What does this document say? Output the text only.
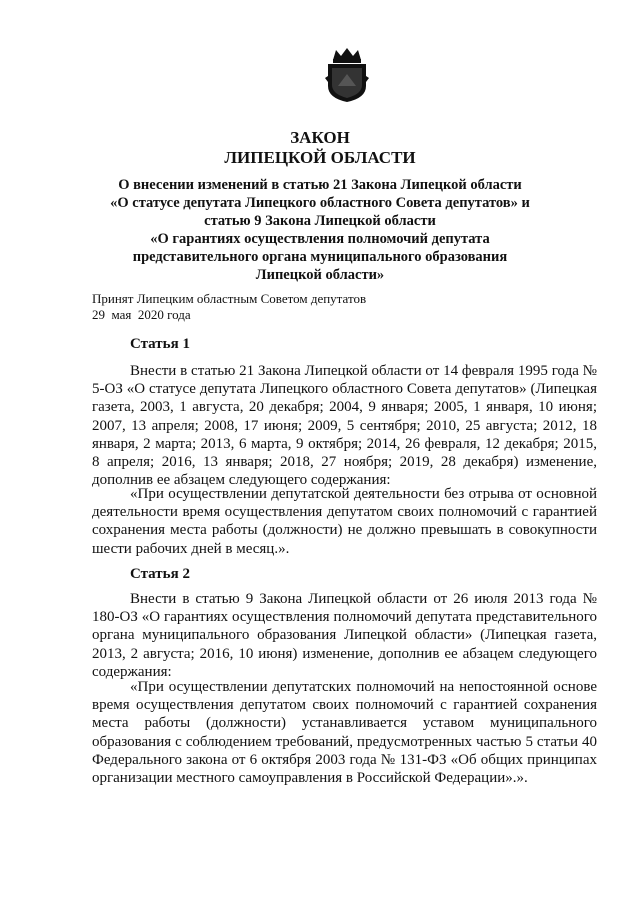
ЗАКОН
ЛИПЕЦКОЙ ОБЛАСТИ
О внесении изменений в статью 21 Закона Липецкой области
«О статусе депутата Липецкого областного Совета депутатов» и
статью 9 Закона Липецкой области
«О гарантиях осуществления полномочий депутата
представительного органа муниципального образования
Липецкой области»
Принят Липецким областным Советом депутатов
29  мая  2020 года
Статья 1

Внести в статью 21 Закона Липецкой области от 14 февраля 1995 года № 5-ОЗ «О статусе депутата Липецкого областного Совета депутатов» (Липецкая газета, 2003, 1 августа, 20 декабря; 2004, 9 января; 2005, 1 января, 10 июня; 2007, 13 апреля; 2008, 17 июня; 2009, 5 сентября; 2010, 25 августа; 2012, 18 января, 2 марта; 2013, 6 марта, 9 октября; 2014, 26 февраля, 12 декабря; 2015, 8 апреля; 2016, 13 января; 2018, 27 ноября; 2019, 28 декабря) изменение, дополнив ее абзацем следующего содержания:

«При осуществлении депутатской деятельности без отрыва от основной деятельности время осуществления депутатом своих полномочий с гарантией сохранения места работы (должности) не должно превышать в совокупности шести рабочих дней в месяц.».

Статья 2

Внести в статью 9 Закона Липецкой области от 26 июля 2013 года № 180-ОЗ «О гарантиях осуществления полномочий депутата представительного органа муниципального образования Липецкой области» (Липецкая газета, 2013, 2 августа; 2016, 10 июня) изменение, дополнив ее абзацем следующего содержания:

«При осуществлении депутатских полномочий на непостоянной основе время осуществления депутатом своих полномочий с гарантией сохранения места работы (должности) устанавливается уставом муниципального образования с соблюдением требований, предусмотренных частью 5 статьи 40 Федерального закона от 6 октября 2003 года № 131-ФЗ «Об общих принципах организации местного самоуправления в Российской Федерации».».
